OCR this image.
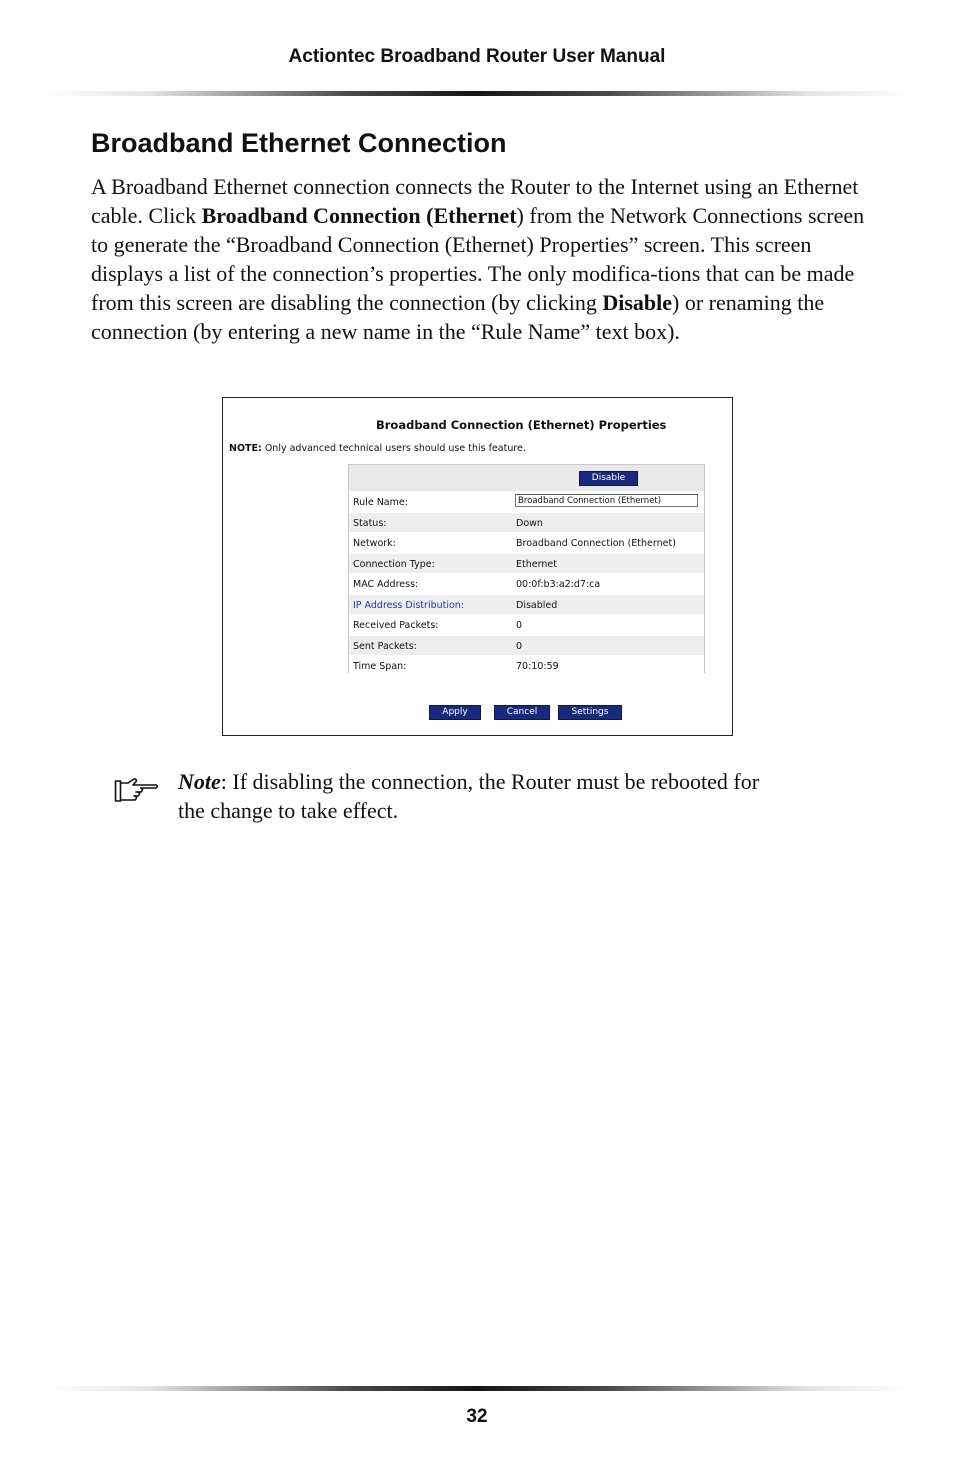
Actiontec Broadband Router User Manual
Broadband Ethernet Connection
A Broadband Ethernet connection connects the Router to the Internet using an Ethernet cable. Click Broadband Connection (Ethernet) from the Network Connections screen to generate the “Broadband Connection (Ethernet) Properties” screen. This screen displays a list of the connection’s properties. The only modifica-tions that can be made from this screen are disabling the connection (by clicking Disable) or renaming the connection (by entering a new name in the “Rule Name” text box).
Broadband Connection (Ethernet) Properties
NOTE: Only advanced technical users should use this feature.
Disable
Rule Name:	Broadband Connection (Ethernet)
Status:	Down
Network:	Broadband Connection (Ethernet)
Connection Type:	Ethernet
MAC Address:	00:0f:b3:a2:d7:ca
IP Address Distribution:	Disabled
Received Packets:	0
Sent Packets:	0
Time Span:	70:10:59
Apply	Cancel	Settings
Note: If disabling the connection, the Router must be rebooted for the change to take effect.
32
